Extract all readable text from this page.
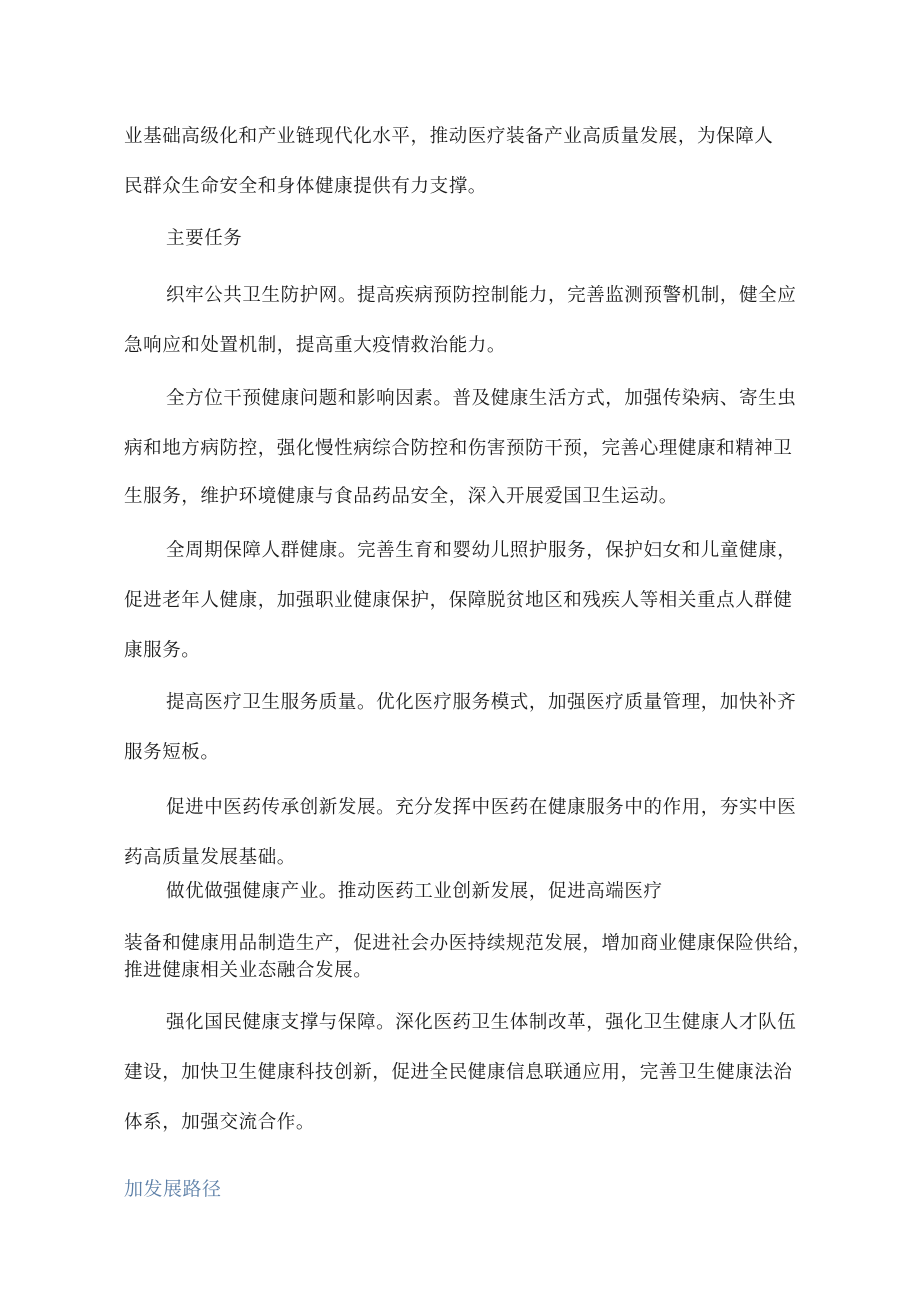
业基础高级化和产业链现代化水平，推动医疗装备产业高质量发展，为保障人

民群众生命安全和身体健康提供有力支撑。

主要任务

织牢公共卫生防护网。提高疾病预防控制能力，完善监测预警机制，健全应

急响应和处置机制，提高重大疫情救治能力。

全方位干预健康问题和影响因素。普及健康生活方式，加强传染病、寄生虫

病和地方病防控，强化慢性病综合防控和伤害预防干预，完善心理健康和精神卫

生服务，维护环境健康与食品药品安全，深入开展爱国卫生运动。

全周期保障人群健康。完善生育和婴幼儿照护服务，保护妇女和儿童健康，

促进老年人健康，加强职业健康保护，保障脱贫地区和残疾人等相关重点人群健

康服务。

提高医疗卫生服务质量。优化医疗服务模式，加强医疗质量管理，加快补齐

服务短板。

促进中医药传承创新发展。充分发挥中医药在健康服务中的作用，夯实中医

药高质量发展基础。

做优做强健康产业。推动医药工业创新发展，促进高端医疗

装备和健康用品制造生产，促进社会办医持续规范发展，增加商业健康保险供给，

推进健康相关业态融合发展。

强化国民健康支撑与保障。深化医药卫生体制改革，强化卫生健康人才队伍

建设，加快卫生健康科技创新，促进全民健康信息联通应用，完善卫生健康法治

体系，加强交流合作。

加发展路径
